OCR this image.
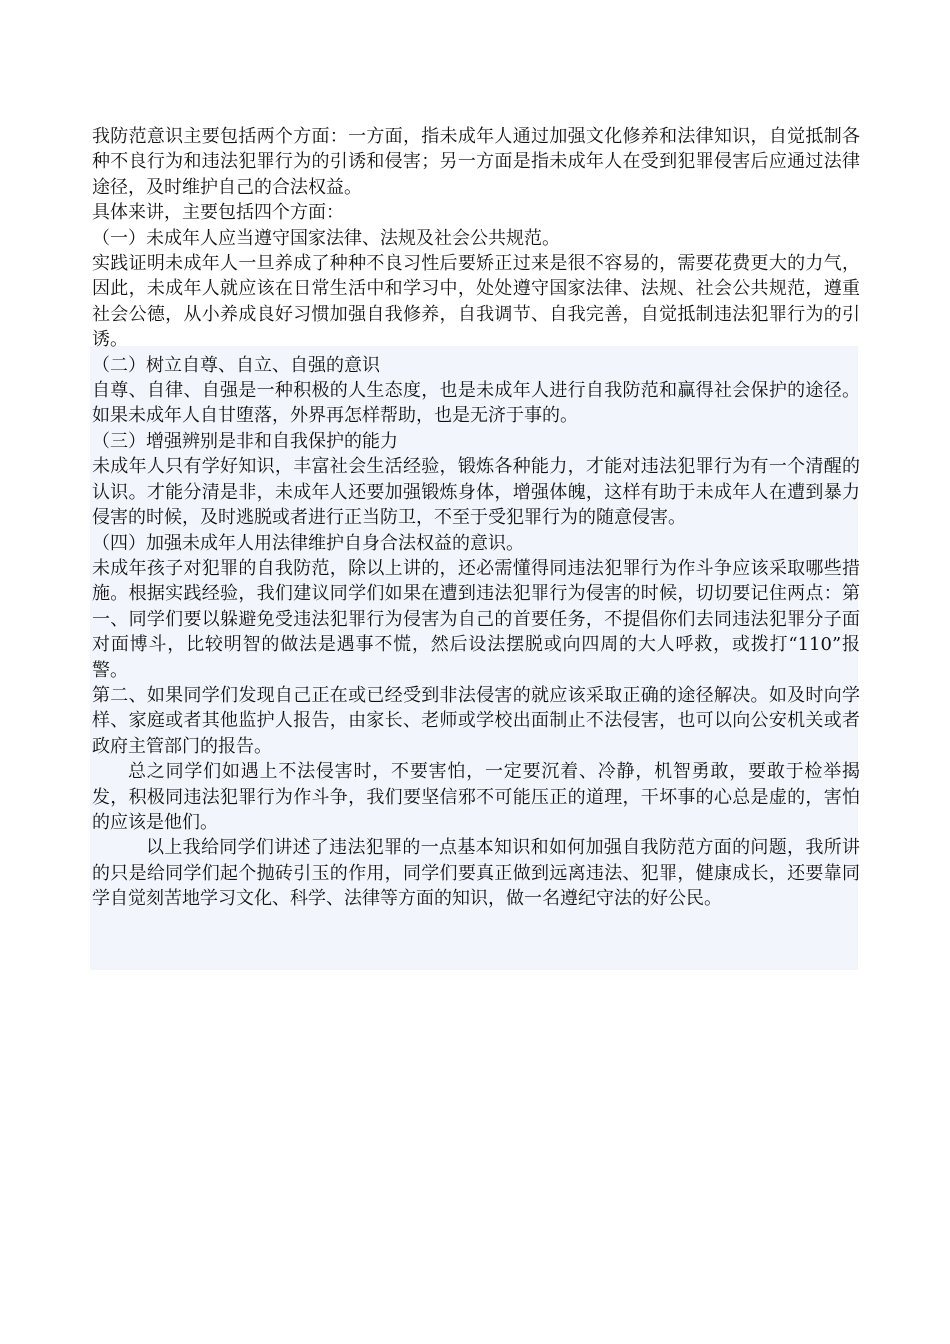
我防范意识主要包括两个方面：一方面，指未成年人通过加强文化修养和法律知识，自觉抵制各种不良行为和违法犯罪行为的引诱和侵害；另一方面是指未成年人在受到犯罪侵害后应通过法律途径，及时维护自己的合法权益。

具体来讲，主要包括四个方面：

（一）未成年人应当遵守国家法律、法规及社会公共规范。

实践证明未成年人一旦养成了种种不良习性后要矫正过来是很不容易的，需要花费更大的力气，因此，未成年人就应该在日常生活中和学习中，处处遵守国家法律、法规、社会公共规范，遵重社会公德，从小养成良好习惯加强自我修养，自我调节、自我完善，自觉抵制违法犯罪行为的引诱。

（二）树立自尊、自立、自强的意识

自尊、自律、自强是一种积极的人生态度，也是未成年人进行自我防范和赢得社会保护的途径。如果未成年人自甘堕落，外界再怎样帮助，也是无济于事的。

（三）增强辨别是非和自我保护的能力

未成年人只有学好知识，丰富社会生活经验，锻炼各种能力，才能对违法犯罪行为有一个清醒的认识。才能分清是非，未成年人还要加强锻炼身体，增强体魄，这样有助于未成年人在遭到暴力侵害的时候，及时逃脱或者进行正当防卫，不至于受犯罪行为的随意侵害。

（四）加强未成年人用法律维护自身合法权益的意识。

未成年孩子对犯罪的自我防范，除以上讲的，还必需懂得同违法犯罪行为作斗争应该采取哪些措施。根据实践经验，我们建议同学们如果在遭到违法犯罪行为侵害的时候，切切要记住两点：第一、同学们要以躲避免受违法犯罪行为侵害为自己的首要任务，不提倡你们去同违法犯罪分子面对面博斗，比较明智的做法是遇事不慌，然后设法摆脱或向四周的大人呼救，或拨打“110”报警。

第二、如果同学们发现自己正在或已经受到非法侵害的就应该采取正确的途径解决。如及时向学样、家庭或者其他监护人报告，由家长、老师或学校出面制止不法侵害，也可以向公安机关或者政府主管部门的报告。

总之同学们如遇上不法侵害时，不要害怕，一定要沉着、冷静，机智勇敢，要敢于检举揭发，积极同违法犯罪行为作斗争，我们要坚信邪不可能压正的道理，干坏事的心总是虚的，害怕的应该是他们。

以上我给同学们讲述了违法犯罪的一点基本知识和如何加强自我防范方面的问题，我所讲的只是给同学们起个抛砖引玉的作用，同学们要真正做到远离违法、犯罪，健康成长，还要靠同学自觉刻苦地学习文化、科学、法律等方面的知识，做一名遵纪守法的好公民。
